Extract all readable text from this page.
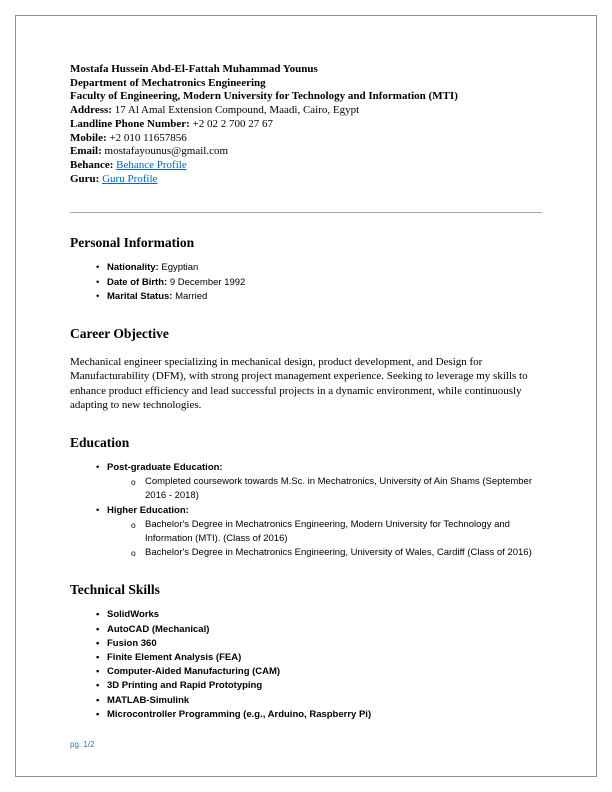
Mostafa Hussein Abd-El-Fattah Muhammad Younus

Department of Mechatronics Engineering

Faculty of Engineering, Modern University for Technology and Information (MTI)

Address: 17 Al Amal Extension Compound, Maadi, Cairo, Egypt

Landline Phone Number: +2 02 2 700 27 67

Mobile: +2 010 11657856

Email: mostafayounus@gmail.com

Behance: Behance Profile

Guru: Guru Profile

Personal Information
• Nationality: Egyptian
• Date of Birth: 9 December 1992
• Marital Status: Married
Career Objective

Mechanical engineer specializing in mechanical design, product development, and Design for Manufacturability (DFM), with strong project management experience. Seeking to leverage my skills to enhance product efficiency and lead successful projects in a dynamic environment, while continuously adapting to new technologies.

Education
• Post-graduate Education:
o Completed coursework towards M.Sc. in Mechatronics, University of Ain Shams (September 2016 - 2018)
• Higher Education:
o Bachelor's Degree in Mechatronics Engineering, Modern University for Technology and Information (MTI). (Class of 2016)
o Bachelor's Degree in Mechatronics Engineering, University of Wales, Cardiff (Class of 2016)
Technical Skills
• SolidWorks
• AutoCAD (Mechanical)
• Fusion 360
• Finite Element Analysis (FEA)
• Computer-Aided Manufacturing (CAM)
• 3D Printing and Rapid Prototyping
• MATLAB-Simulink
• Microcontroller Programming (e.g., Arduino, Raspberry Pi)
pg. 1/2
